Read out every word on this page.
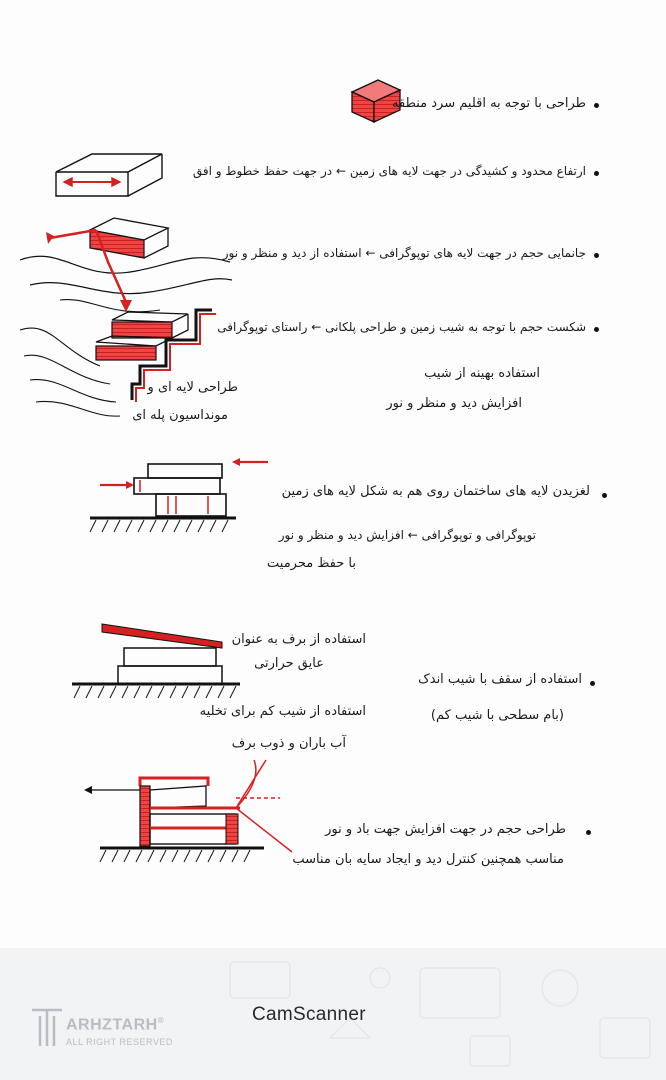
طراحی با توجه به اقلیم سرد منطقه
ارتفاع محدود و کشیدگی در جهت لایه های زمین ← در جهت حفظ خطوط و افق
جانمایی حجم در جهت لایه های توپوگرافی ← استفاده از دید و منظر و نور
شکست حجم با توجه به شیب زمین و طراحی پلکانی ← راستای توپوگرافی
استفاده بهینه از شیب
افزایش دید و منظر و نور
طراحی لایه ای و
مونداسیون پله ای
لغزیدن لایه های ساختمان روی هم به شکل لایه های زمین
توپوگرافی و توپوگرافی ← افزایش دید و منظر و نور
با حفظ محرمیت
استفاده از سقف با شیب اندک
استفاده از برف به عنوان
عایق حرارتی
(بام سطحی با شیب کم)
استفاده از شیب کم برای تخلیه
آب باران و ذوب برف
طراحی حجم در جهت افزایش جهت باد و نور
مناسب همچنین کنترل دید و ایجاد سایه بان مناسب
ARHZTARH®
ALL RIGHT RESERVED
CamScanner
